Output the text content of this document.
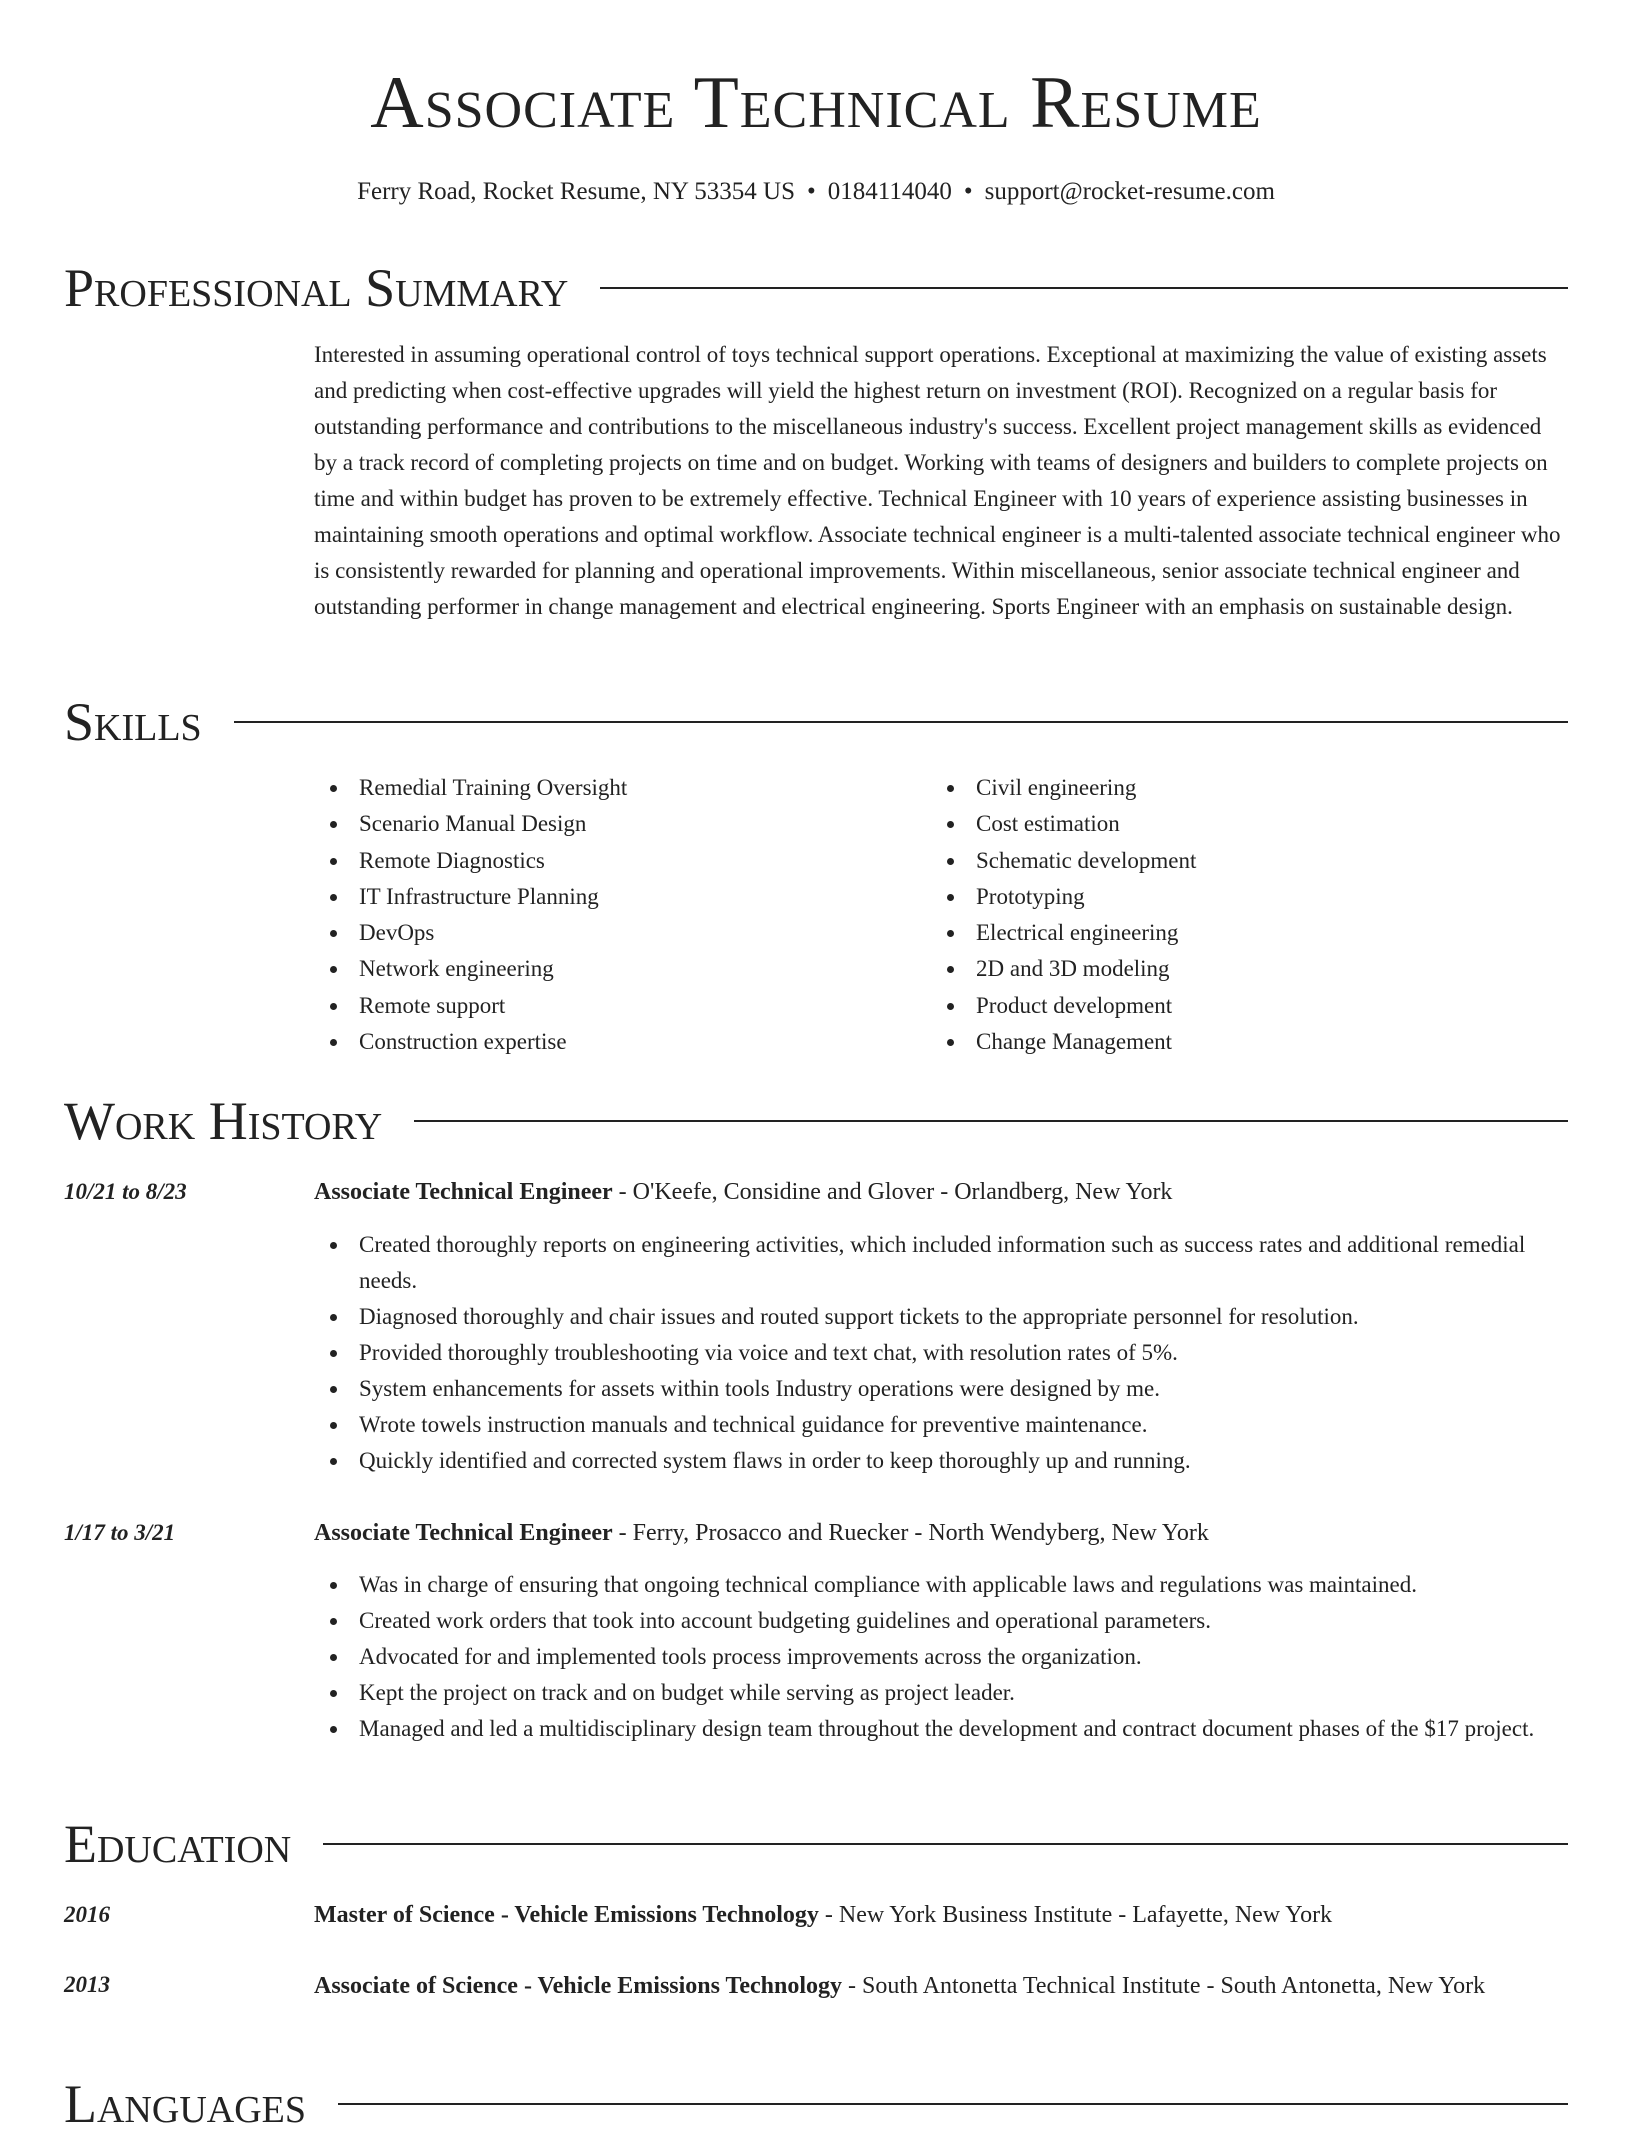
Associate Technical Resume
Ferry Road, Rocket Resume, NY 53354 US • 0184114040 • support@rocket-resume.com
Professional Summary
Interested in assuming operational control of toys technical support operations. Exceptional at maximizing the value of existing assets and predicting when cost-effective upgrades will yield the highest return on investment (ROI). Recognized on a regular basis for outstanding performance and contributions to the miscellaneous industry's success. Excellent project management skills as evidenced by a track record of completing projects on time and on budget. Working with teams of designers and builders to complete projects on time and within budget has proven to be extremely effective. Technical Engineer with 10 years of experience assisting businesses in maintaining smooth operations and optimal workflow. Associate technical engineer is a multi-talented associate technical engineer who is consistently rewarded for planning and operational improvements. Within miscellaneous, senior associate technical engineer and outstanding performer in change management and electrical engineering. Sports Engineer with an emphasis on sustainable design.
Skills
Remedial Training Oversight
Scenario Manual Design
Remote Diagnostics
IT Infrastructure Planning
DevOps
Network engineering
Remote support
Construction expertise
Civil engineering
Cost estimation
Schematic development
Prototyping
Electrical engineering
2D and 3D modeling
Product development
Change Management
Work History
10/21 to 8/23	Associate Technical Engineer - O'Keefe, Considine and Glover - Orlandberg, New York
Created thoroughly reports on engineering activities, which included information such as success rates and additional remedial needs.
Diagnosed thoroughly and chair issues and routed support tickets to the appropriate personnel for resolution.
Provided thoroughly troubleshooting via voice and text chat, with resolution rates of 5%.
System enhancements for assets within tools Industry operations were designed by me.
Wrote towels instruction manuals and technical guidance for preventive maintenance.
Quickly identified and corrected system flaws in order to keep thoroughly up and running.
1/17 to 3/21	Associate Technical Engineer - Ferry, Prosacco and Ruecker - North Wendyberg, New York
Was in charge of ensuring that ongoing technical compliance with applicable laws and regulations was maintained.
Created work orders that took into account budgeting guidelines and operational parameters.
Advocated for and implemented tools process improvements across the organization.
Kept the project on track and on budget while serving as project leader.
Managed and led a multidisciplinary design team throughout the development and contract document phases of the $17 project.
Education
2016	Master of Science - Vehicle Emissions Technology - New York Business Institute - Lafayette, New York
2013	Associate of Science - Vehicle Emissions Technology - South Antonetta Technical Institute - South Antonetta, New York
Languages
